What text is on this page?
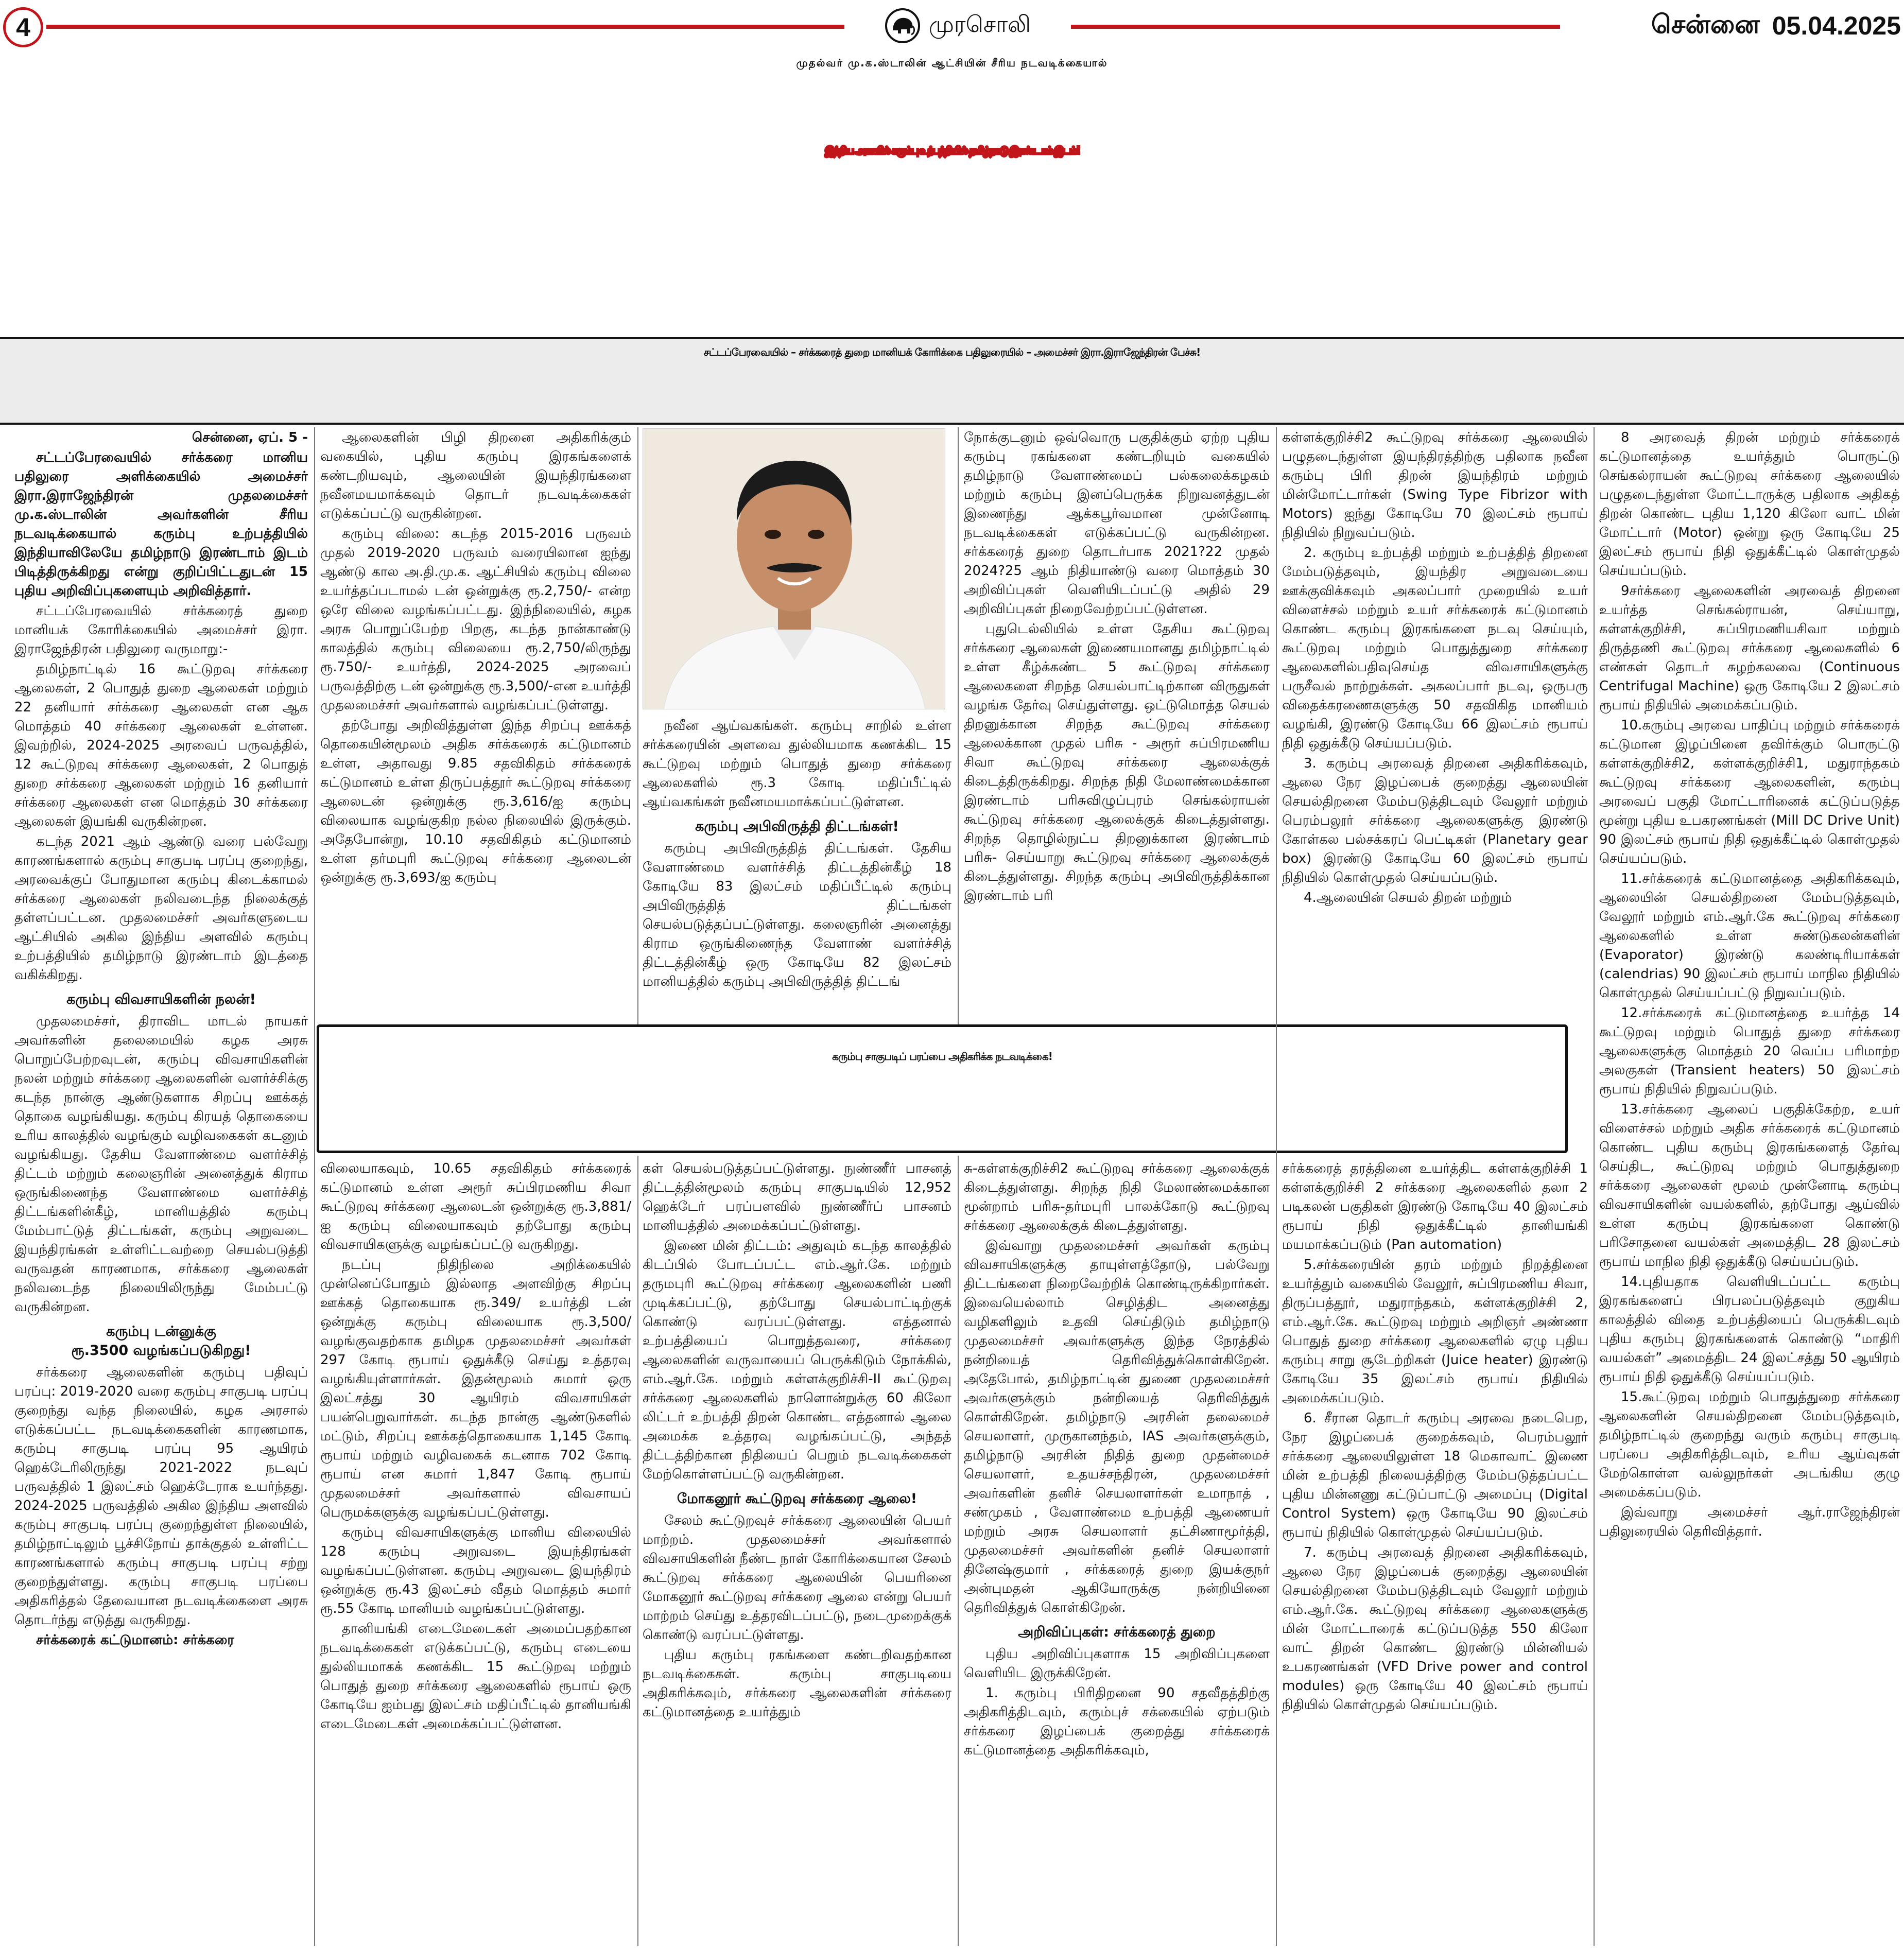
4	முரசொலி	சென்னை 05.04.2025
முதல்வர் மு.க.ஸ்டாலின் ஆட்சியின் சீரிய நடவடிக்கையால்
இந்திய அளவில் கரும்பு உற்பத்தியில் தமிழ்நாடு இரண்டாம் இடம்!
சட்டப்பேரவையில் – சர்க்கரைத் துறை மானியக் கோரிக்கை பதிலுரையில் – அமைச்சர் இரா.இராஜேந்திரன் பேச்சு!
கரும்பு சாகுபடிப் பரப்பை அதிகரிக்க நடவடிக்கை!

சென்னை, ஏப். 5 -

சட்டப்பேரவையில் சர்க்கரை மானிய பதிலுரை அளிக்கையில் அமைச்சர் இரா.இராஜேந்திரன் முதலமைச்சர் மு.க.ஸ்டாலின் அவர்களின் சீரிய நடவடிக்கையால் கரும்பு உற்பத்தியில் இந்தியாவிலேயே தமிழ்நாடு இரண்டாம் இடம் பிடித்திருக்கிறது என்று குறிப்பிட்டதுடன் 15 புதிய அறிவிப்புகளையும் அறிவித்தார்.

சட்டப்பேரவையில் சர்க்கரைத் துறை மானியக் கோரிக்கையில் அமைச்சர் இரா. இராஜேந்திரன் பதிலுரை வருமாறு:-

தமிழ்நாட்டில் 16 கூட்டுறவு சர்க்கரை ஆலைகள், 2 பொதுத் துறை ஆலைகள் மற்றும் 22 தனியார் சர்க்கரை ஆலைகள் என ஆக மொத்தம் 40 சர்க்கரை ஆலைகள் உள்ளன. இவற்றில், 2024-2025 அரவைப் பருவத்தில், 12 கூட்டுறவு சர்க்கரை ஆலைகள், 2 பொதுத் துறை சர்க்கரை ஆலைகள் மற்றும் 16 தனியார் சர்க்கரை ஆலைகள் என மொத்தம் 30 சர்க்கரை ஆலைகள் இயங்கி வருகின்றன.

கடந்த 2021 ஆம் ஆண்டு வரை பல்வேறு காரணங்களால் கரும்பு சாகுபடி பரப்பு குறைந்து, அரவைக்குப் போதுமான கரும்பு கிடைக்காமல் சர்க்கரை ஆலைகள் நலிவடைந்த நிலைக்குத் தள்ளப்பட்டன. முதலமைச்சர் அவர்களுடைய ஆட்சியில் அகில இந்திய அளவில் கரும்பு உற்பத்தியில் தமிழ்நாடு இரண்டாம் இடத்தை வகிக்கிறது.

கரும்பு விவசாயிகளின் நலன்!

முதலமைச்சர், திராவிட மாடல் நாயகர் அவர்களின் தலைமையில் கழக அரசு பொறுப்பேற்றவுடன், கரும்பு விவசாயிகளின் நலன் மற்றும் சர்க்கரை ஆலைகளின் வளர்ச்சிக்கு கடந்த நான்கு ஆண்டுகளாக சிறப்பு ஊக்கத் தொகை வழங்கியது. கரும்பு கிரயத் தொகையை உரிய காலத்தில் வழங்கும் வழிவகைகள் கடனும் வழங்கியது. தேசிய வேளாண்மை வளர்ச்சித் திட்டம் மற்றும் கலைஞரின் அனைத்துக் கிராம ஒருங்கிணைந்த வேளாண்மை வளர்ச்சித் திட்டங்களின்கீழ், மானியத்தில் கரும்பு மேம்பாட்டுத் திட்டங்கள், கரும்பு அறுவடை இயந்திரங்கள் உள்ளிட்டவற்றை செயல்படுத்தி வருவதன் காரணமாக, சர்க்கரை ஆலைகள் நலிவடைந்த நிலையிலிருந்து மேம்பட்டு வருகின்றன.

கரும்பு டன்னுக்கு
ரூ.3500 வழங்கப்படுகிறது!

சர்க்கரை ஆலைகளின் கரும்பு பதிவுப் பரப்பு: 2019-2020 வரை கரும்பு சாகுபடி பரப்பு குறைந்து வந்த நிலையில், கழக அரசால் எடுக்கப்பட்ட நடவடிக்கைகளின் காரணமாக, கரும்பு சாகுபடி பரப்பு 95 ஆயிரம் ஹெக்டேரிலிருந்து 2021-2022 நடவுப் பருவத்தில் 1 இலட்சம் ஹெக்டேராக உயர்ந்தது. 2024-2025 பருவத்தில் அகில இந்திய அளவில் கரும்பு சாகுபடி பரப்பு குறைந்துள்ள நிலையில், தமிழ்நாட்டிலும் பூச்சிநோய் தாக்குதல் உள்ளிட்ட காரணங்களால் கரும்பு சாகுபடி பரப்பு சற்று குறைந்துள்ளது. கரும்பு சாகுபடி பரப்பை அதிகரித்தல் தேவையான நடவடிக்கைளை அரசு தொடர்ந்து எடுத்து வருகிறது.

சர்க்கரைக் கட்டுமானம்: சர்க்கரை

ஆலைகளின் பிழி திறனை அதிகரிக்கும் வகையில், புதிய கரும்பு இரகங்களைக் கண்டறியவும், ஆலையின் இயந்திரங்களை நவீனமயமாக்கவும் தொடர் நடவடிக்கைகள் எடுக்கப்பட்டு வருகின்றன.

கரும்பு விலை: கடந்த 2015-2016 பருவம் முதல் 2019-2020 பருவம் வரையிலான ஐந்து ஆண்டு கால அ.தி.மு.க. ஆட்சியில் கரும்பு விலை உயர்த்தப்படாமல் டன் ஒன்றுக்கு ரூ.2,750/- என்ற ஒரே விலை வழங்கப்பட்டது. இந்நிலையில், கழக அரசு பொறுப்பேற்ற பிறகு, கடந்த நான்காண்டு காலத்தில் கரும்பு விலையை ரூ.2,750/லிருந்து ரூ.750/- உயர்த்தி, 2024-2025 அரவைப் பருவத்திற்கு டன் ஒன்றுக்கு ரூ.3,500/-என உயர்த்தி முதலமைச்சர் அவர்களால் வழங்கப்பட்டுள்ளது.

தற்போது அறிவித்துள்ள இந்த சிறப்பு ஊக்கத் தொகையின்மூலம் அதிக சர்க்கரைக் கட்டுமானம் உள்ள, அதாவது 9.85 சதவிகிதம் சர்க்கரைக் கட்டுமானம் உள்ள திருப்பத்தூர் கூட்டுறவு சர்க்கரை ஆலைடன் ஒன்றுக்கு ரூ.3,616/ஐ கரும்பு விலையாக வழங்குகிற நல்ல நிலையில் இருக்கும். அதேபோன்று, 10.10 சதவிகிதம் கட்டுமானம் உள்ள தர்மபுரி கூட்டுறவு சர்க்கரை ஆலைடன் ஒன்றுக்கு ரூ.3,693/ஐ கரும்பு

விலையாகவும், 10.65 சதவிகிதம் சர்க்கரைக் கட்டுமானம் உள்ள அரூர் சுப்பிரமணிய சிவா கூட்டுறவு சர்க்கரை ஆலைடன் ஒன்றுக்கு ரூ.3,881/ஐ கரும்பு விலையாகவும் தற்போது கரும்பு விவசாயிகளுக்கு வழங்கப்பட்டு வருகிறது.

நடப்பு நிதிநிலை அறிக்கையில் முன்னெப்போதும் இல்லாத அளவிற்கு சிறப்பு ஊக்கத் தொகையாக ரூ.349/ உயர்த்தி டன் ஒன்றுக்கு கரும்பு விலையாக ரூ.3,500/வழங்குவதற்காக தமிழக முதலமைச்சர் அவர்கள் 297 கோடி ரூபாய் ஒதுக்கீடு செய்து உத்தரவு வழங்கியுள்ளார்கள். இதன்மூலம் சுமார் ஒரு இலட்சத்து 30 ஆயிரம் விவசாயிகள் பயன்பெறுவார்கள். கடந்த நான்கு ஆண்டுகளில் மட்டும், சிறப்பு ஊக்கத்தொகையாக 1,145 கோடி ரூபாய் மற்றும் வழிவகைக் கடனாக 702 கோடி ரூபாய் என சுமார் 1,847 கோடி ரூபாய் முதலமைச்சர் அவர்களால் விவசாயப் பெருமக்களுக்கு வழங்கப்பட்டுள்ளது.

கரும்பு விவசாயிகளுக்கு மானிய விலையில் 128 கரும்பு அறுவடை இயந்திரங்கள் வழங்கப்பட்டுள்ளன. கரும்பு அறுவடை இயந்திரம் ஒன்றுக்கு ரூ.43 இலட்சம் வீதம் மொத்தம் சுமார் ரூ.55 கோடி மானியம் வழங்கப்பட்டுள்ளது.

தானியங்கி எடைமேடைகள் அமைப்பதற்கான நடவடிக்கைகள் எடுக்கப்பட்டு, கரும்பு எடையை துல்லியமாகக் கணக்கிட 15 கூட்டுறவு மற்றும் பொதுத் துறை சர்க்கரை ஆலைகளில் ரூபாய் ஒரு கோடியே ஐம்பது இலட்சம் மதிப்பீட்டில் தானியங்கி எடைமேடைகள் அமைக்கப்பட்டுள்ளன.

நவீன ஆய்வகங்கள். கரும்பு சாறில் உள்ள சர்க்கரையின் அளவை துல்லியமாக கணக்கிட 15 கூட்டுறவு மற்றும் பொதுத் துறை சர்க்கரை ஆலைகளில் ரூ.3 கோடி மதிப்பீட்டில் ஆய்வகங்கள் நவீனமயமாக்கப்பட்டுள்ளன.

கரும்பு அபிவிருத்தி திட்டங்கள்!

கரும்பு அபிவிருத்தித் திட்டங்கள். தேசிய வேளாண்மை வளர்ச்சித் திட்டத்தின்கீழ் 18 கோடியே 83 இலட்சம் மதிப்பீட்டில் கரும்பு அபிவிருத்தித் திட்டங்கள் செயல்படுத்தப்பட்டுள்ளது. கலைஞரின் அனைத்து கிராம ஒருங்கிணைந்த வேளாண் வளர்ச்சித் திட்டத்தின்கீழ் ஒரு கோடியே 82 இலட்சம் மானியத்தில் கரும்பு அபிவிருத்தித் திட்டங்

கள் செயல்படுத்தப்பட்டுள்ளது. நுண்ணீர் பாசனத் திட்டத்தின்மூலம் கரும்பு சாகுபடியில் 12,952 ஹெக்டேர் பரப்பளவில் நுண்ணீர்ப் பாசனம் மானியத்தில் அமைக்கப்பட்டுள்ளது.

இணை மின் திட்டம்: அதுவும் கடந்த காலத்தில் கிடப்பில் போடப்பட்ட எம்.ஆர்.கே. மற்றும் தருமபுரி கூட்டுறவு சர்க்கரை ஆலைகளின் பணி முடிக்கப்பட்டு, தற்போது செயல்பாட்டிற்குக் கொண்டு வரப்பட்டுள்ளது. எத்தனால் உற்பத்தியைப் பொறுத்தவரை, சர்க்கரை ஆலைகளின் வருவாயைப் பெருக்கிடும் நோக்கில், எம்.ஆர்.கே. மற்றும் கள்ளக்குறிச்சி-II கூட்டுறவு சர்க்கரை ஆலைகளில் நாளொன்றுக்கு 60 கிலோ லிட்டர் உற்பத்தி திறன் கொண்ட எத்தனால் ஆலை அமைக்க உத்தரவு வழங்கப்பட்டு, அந்தத் திட்டத்திற்கான நிதியைப் பெறும் நடவடிக்கைகள் மேற்கொள்ளப்பட்டு வருகின்றன.

மோகனூர் கூட்டுறவு சர்க்கரை ஆலை!

சேலம் கூட்டுறவுச் சர்க்கரை ஆலையின் பெயர் மாற்றம். முதலமைச்சர் அவர்களால் விவசாயிகளின் நீண்ட நாள் கோரிக்கையான சேலம் கூட்டுறவு சர்க்கரை ஆலையின் பெயரினை மோகனூர் கூட்டுறவு சர்க்கரை ஆலை என்று பெயர் மாற்றம் செய்து உத்தரவிடப்பட்டு, நடைமுறைக்குக் கொண்டு வரப்பட்டுள்ளது.

புதிய கரும்பு ரகங்களை கண்டறிவதற்கான நடவடிக்கைகள். கரும்பு சாகுபடியை அதிகரிக்கவும், சர்க்கரை ஆலைகளின் சர்க்கரை கட்டுமானத்தை உயர்த்தும்

நோக்குடனும் ஒவ்வொரு பகுதிக்கும் ஏற்ற புதிய கரும்பு ரகங்களை கண்டறியும் வகையில் தமிழ்நாடு வேளாண்மைப் பல்கலைக்கழகம் மற்றும் கரும்பு இனப்பெருக்க நிறுவனத்துடன் இணைந்து ஆக்கபூர்வமான முன்னோடி நடவடிக்கைகள் எடுக்கப்பட்டு வருகின்றன. சர்க்கரைத் துறை தொடர்பாக 2021?22 முதல் 2024?25 ஆம் நிதியாண்டு வரை மொத்தம் 30 அறிவிப்புகள் வெளியிடப்பட்டு அதில் 29 அறிவிப்புகள் நிறைவேற்றப்பட்டுள்ளன.

புதுடெல்லியில் உள்ள தேசிய கூட்டுறவு சர்க்கரை ஆலைகள் இணையமானது தமிழ்நாட்டில் உள்ள கீழ்க்கண்ட 5 கூட்டுறவு சர்க்கரை ஆலைகளை சிறந்த செயல்பாட்டிற்கான விருதுகள் வழங்க தேர்வு செய்துள்ளது. ஒட்டுமொத்த செயல் திறனுக்கான சிறந்த கூட்டுறவு சர்க்கரை ஆலைக்கான முதல் பரிசு - அரூர் சுப்பிரமணிய சிவா கூட்டுறவு சர்க்கரை ஆலைக்குக் கிடைத்திருக்கிறது. சிறந்த நிதி மேலாண்மைக்கான இரண்டாம் பரிசுவிழுப்புரம் செங்கல்ராயன் கூட்டுறவு சர்க்கரை ஆலைக்குக் கிடைத்துள்ளது. சிறந்த தொழில்நுட்ப திறனுக்கான இரண்டாம் பரிசு- செய்யாறு கூட்டுறவு சர்க்கரை ஆலைக்குக் கிடைத்துள்ளது. சிறந்த கரும்பு அபிவிருத்திக்கான இரண்டாம் பரி

சு-கள்ளக்குறிச்சி2 கூட்டுறவு சர்க்கரை ஆலைக்குக் கிடைத்துள்ளது. சிறந்த நிதி மேலாண்மைக்கான மூன்றாம் பரிசு-தர்மபுரி பாலக்கோடு கூட்டுறவு சர்க்கரை ஆலைக்குக் கிடைத்துள்ளது.

இவ்வாறு முதலமைச்சர் அவர்கள் கரும்பு விவசாயிகளுக்கு தாயுள்ளத்தோடு, பல்வேறு திட்டங்களை நிறைவேற்றிக் கொண்டிருக்கிறார்கள். இவையெல்லாம் செழித்திட அனைத்து வழிகளிலும் உதவி செய்திடும் தமிழ்நாடு முதலமைச்சர் அவர்களுக்கு இந்த நேரத்தில் நன்றியைத் தெரிவித்துக்கொள்கிறேன். அதேபோல், தமிழ்நாட்டின் துணை முதலமைச்சர் அவர்களுக்கும் நன்றியைத் தெரிவித்துக் கொள்கிறேன். தமிழ்நாடு அரசின் தலைமைச் செயலாளர், முருகானந்தம், IAS அவர்களுக்கும், தமிழ்நாடு அரசின் நிதித் துறை முதன்மைச் செயலாளர், உதயச்சந்திரன், முதலமைச்சர் அவர்களின் தனிச் செயலாளர்கள் உமாநாத் , சண்முகம் , வேளாண்மை உற்பத்தி ஆணையர் மற்றும் அரசு செயலாளர் தட்சிணாமூர்த்தி, முதலமைச்சர் அவர்களின் தனிச் செயலாளர் தினேஷ்குமார் , சர்க்கரைத் துறை இயக்குநர் அன்புமதன் ஆகியோருக்கு நன்றியினை தெரிவித்துக் கொள்கிறேன்.

அறிவிப்புகள்: சர்க்கரைத் துறை

புதிய அறிவிப்புகளாக 15 அறிவிப்புகளை வெளியிட இருக்கிறேன்.

1. கரும்பு பிரிதிறனை 90 சதவீதத்திற்கு அதிகரித்திடவும், கரும்புச் சக்கையில் ஏற்படும் சர்க்கரை இழப்பைக் குறைத்து சர்க்கரைக் கட்டுமானத்தை அதிகரிக்கவும்,

கள்ளக்குறிச்சி2 கூட்டுறவு சர்க்கரை ஆலையில் பழுதடைந்துள்ள இயந்திரத்திற்கு பதிலாக நவீன கரும்பு பிரி திறன் இயந்திரம் மற்றும் மின்மோட்டார்கள் (Swing Type Fibrizor with Motors) ஐந்து கோடியே 70 இலட்சம் ரூபாய் நிதியில் நிறுவப்படும்.

2. கரும்பு உற்பத்தி மற்றும் உற்பத்தித் திறனை மேம்படுத்தவும், இயந்திர அறுவடையை ஊக்குவிக்கவும் அகலப்பார் முறையில் உயர் விளைச்சல் மற்றும் உயர் சர்க்கரைக் கட்டுமானம் கொண்ட கரும்பு இரகங்களை நடவு செய்யும், கூட்டுறவு மற்றும் பொதுத்துறை சர்க்கரை ஆலைகளில்பதிவுசெய்த விவசாயிகளுக்கு பருசீவல் நாற்றுக்கள். அகலப்பார் நடவு, ஒருபரு விதைக்கரணைகளுக்கு 50 சதவிகித மானியம் வழங்கி, இரண்டு கோடியே 66 இலட்சம் ரூபாய் நிதி ஒதுக்கீடு செய்யப்படும்.

3. கரும்பு அரவைத் திறனை அதிகரிக்கவும், ஆலை நேர இழப்பைக் குறைத்து ஆலையின் செயல்திறனை மேம்படுத்திடவும் வேலூர் மற்றும் பெரம்பலூர் சர்க்கரை ஆலைகளுக்கு இரண்டு கோள்கல பல்சக்கரப் பெட்டிகள் (Planetary gear box) இரண்டு கோடியே 60 இலட்சம் ரூபாய் நிதியில் கொள்முதல் செய்யப்படும்.

4.ஆலையின் செயல் திறன் மற்றும்

சர்க்கரைத் தரத்தினை உயர்த்திட கள்ளக்குறிச்சி 1 கள்ளக்குறிச்சி 2 சர்க்கரை ஆலைகளில் தலா 2 படிகலன் பகுதிகள் இரண்டு கோடியே 40 இலட்சம் ரூபாய் நிதி ஒதுக்கீட்டில் தானியங்கி மயமாக்கப்படும் (Pan automation)

5.சர்க்கரையின் தரம் மற்றும் நிறத்தினை உயர்த்தும் வகையில் வேலூர், சுப்பிரமணிய சிவா, திருப்பத்தூர், மதுராந்தகம், கள்ளக்குறிச்சி 2, எம்.ஆர்.கே. கூட்டுறவு மற்றும் அறிஞர் அண்ணா பொதுத் துறை சர்க்கரை ஆலைகளில் ஏழு புதிய கரும்பு சாறு சூடேற்றிகள் (Juice heater) இரண்டு கோடியே 35 இலட்சம் ரூபாய் நிதியில் அமைக்கப்படும்.

6. சீரான தொடர் கரும்பு அரவை நடைபெற, நேர இழப்பைக் குறைக்கவும், பெரம்பலூர் சர்க்கரை ஆலையிலுள்ள 18 மெகாவாட் இணை மின் உற்பத்தி நிலையத்திற்கு மேம்படுத்தப்பட்ட புதிய மின்னணு கட்டுப்பாட்டு அமைப்பு (Digital Control System) ஒரு கோடியே 90 இலட்சம் ரூபாய் நிதியில் கொள்முதல் செய்யப்படும்.

7. கரும்பு அரவைத் திறனை அதிகரிக்கவும், ஆலை நேர இழப்பைக் குறைத்து ஆலையின் செயல்திறனை மேம்படுத்திடவும் வேலூர் மற்றும் எம்.ஆர்.கே. கூட்டுறவு சர்க்கரை ஆலைகளுக்கு மின் மோட்டாரைக் கட்டுப்படுத்த 550 கிலோ வாட் திறன் கொண்ட இரண்டு மின்னியல் உபகரணங்கள் (VFD Drive power and control modules) ஒரு கோடியே 40 இலட்சம் ரூபாய் நிதியில் கொள்முதல் செய்யப்படும்.

8 அரவைத் திறன் மற்றும் சர்க்கரைக் கட்டுமானத்தை உயர்த்தும் பொருட்டு செங்கல்ராயன் கூட்டுறவு சர்க்கரை ஆலையில் பழுதடைந்துள்ள மோட்டாருக்கு பதிலாக அதிகத் திறன் கொண்ட புதிய 1,120 கிலோ வாட் மின் மோட்டார் (Motor) ஒன்று ஒரு கோடியே 25 இலட்சம் ரூபாய் நிதி ஒதுக்கீட்டில் கொள்முதல் செய்யப்படும்.

9சர்க்கரை ஆலைகளின் அரவைத் திறனை உயர்த்த செங்கல்ராயன், செய்யாறு, கள்ளக்குறிச்சி, சுப்பிரமணியசிவா மற்றும் திருத்தணி கூட்டுறவு சர்க்கரை ஆலைகளில் 6 எண்கள் தொடர் சுழற்கலவை (Continuous Centrifugal Machine) ஒரு கோடியே 2 இலட்சம் ரூபாய் நிதியில் அமைக்கப்படும்.

10.கரும்பு அரவை பாதிப்பு மற்றும் சர்க்கரைக் கட்டுமான இழப்பினை தவிர்க்கும் பொருட்டு கள்ளக்குறிச்சி2, கள்ளக்குறிச்சி1, மதுராந்தகம் கூட்டுறவு சர்க்கரை ஆலைகளின், கரும்பு அரவைப் பகுதி மோட்டாரினைக் கட்டுப்படுத்த மூன்று புதிய உபகரணங்கள் (Mill DC Drive Unit) 90 இலட்சம் ரூபாய் நிதி ஒதுக்கீட்டில் கொள்முதல் செய்யப்படும்.

11.சர்க்கரைக் கட்டுமானத்தை அதிகரிக்கவும், ஆலையின் செயல்திறனை மேம்படுத்தவும், வேலூர் மற்றும் எம்.ஆர்.கே கூட்டுறவு சர்க்கரை ஆலைகளில் உள்ள சுண்டுகலன்களின் (Evaporator) இரண்டு கலண்டிரியாக்கள் (calendrias) 90 இலட்சம் ரூபாய் மாநில நிதியில் கொள்முதல் செய்யப்பட்டு நிறுவப்படும்.

12.சர்க்கரைக் கட்டுமானத்தை உயர்த்த 14 கூட்டுறவு மற்றும் பொதுத் துறை சர்க்கரை ஆலைகளுக்கு மொத்தம் 20 வெப்ப பரிமாற்ற அலகுகள் (Transient heaters) 50 இலட்சம் ரூபாய் நிதியில் நிறுவப்படும்.

13.சர்க்கரை ஆலைப் பகுதிக்கேற்ற, உயர் விளைச்சல் மற்றும் அதிக சர்க்கரைக் கட்டுமானம் கொண்ட புதிய கரும்பு இரகங்களைத் தேர்வு செய்திட, கூட்டுறவு மற்றும் பொதுத்துறை சர்க்கரை ஆலைகள் மூலம் முன்னோடி கரும்பு விவசாயிகளின் வயல்களில், தற்போது ஆய்வில் உள்ள கரும்பு இரகங்களை கொண்டு பரிசோதனை வயல்கள் அமைத்திட 28 இலட்சம் ரூபாய் மாநில நிதி ஒதுக்கீடு செய்யப்படும்.

14.புதியதாக வெளியிடப்பட்ட கரும்பு இரகங்களைப் பிரபலப்படுத்தவும் குறுகிய காலத்தில் விதை உற்பத்தியைப் பெருக்கிடவும் புதிய கரும்பு இரகங்களைக் கொண்டு “மாதிரி வயல்கள்” அமைத்திட 24 இலட்சத்து 50 ஆயிரம் ரூபாய் நிதி ஒதுக்கீடு செய்யப்படும்.

15.கூட்டுறவு மற்றும் பொதுத்துறை சர்க்கரை ஆலைகளின் செயல்திறனை மேம்படுத்தவும், தமிழ்நாட்டில் குறைந்து வரும் கரும்பு சாகுபடி பரப்பை அதிகரித்திடவும், உரிய ஆய்வுகள் மேற்கொள்ள வல்லுநர்கள் அடங்கிய குழு அமைக்கப்படும்.

இவ்வாறு அமைச்சர் ஆர்.ராஜேந்திரன் பதிலுரையில் தெரிவித்தார்.
